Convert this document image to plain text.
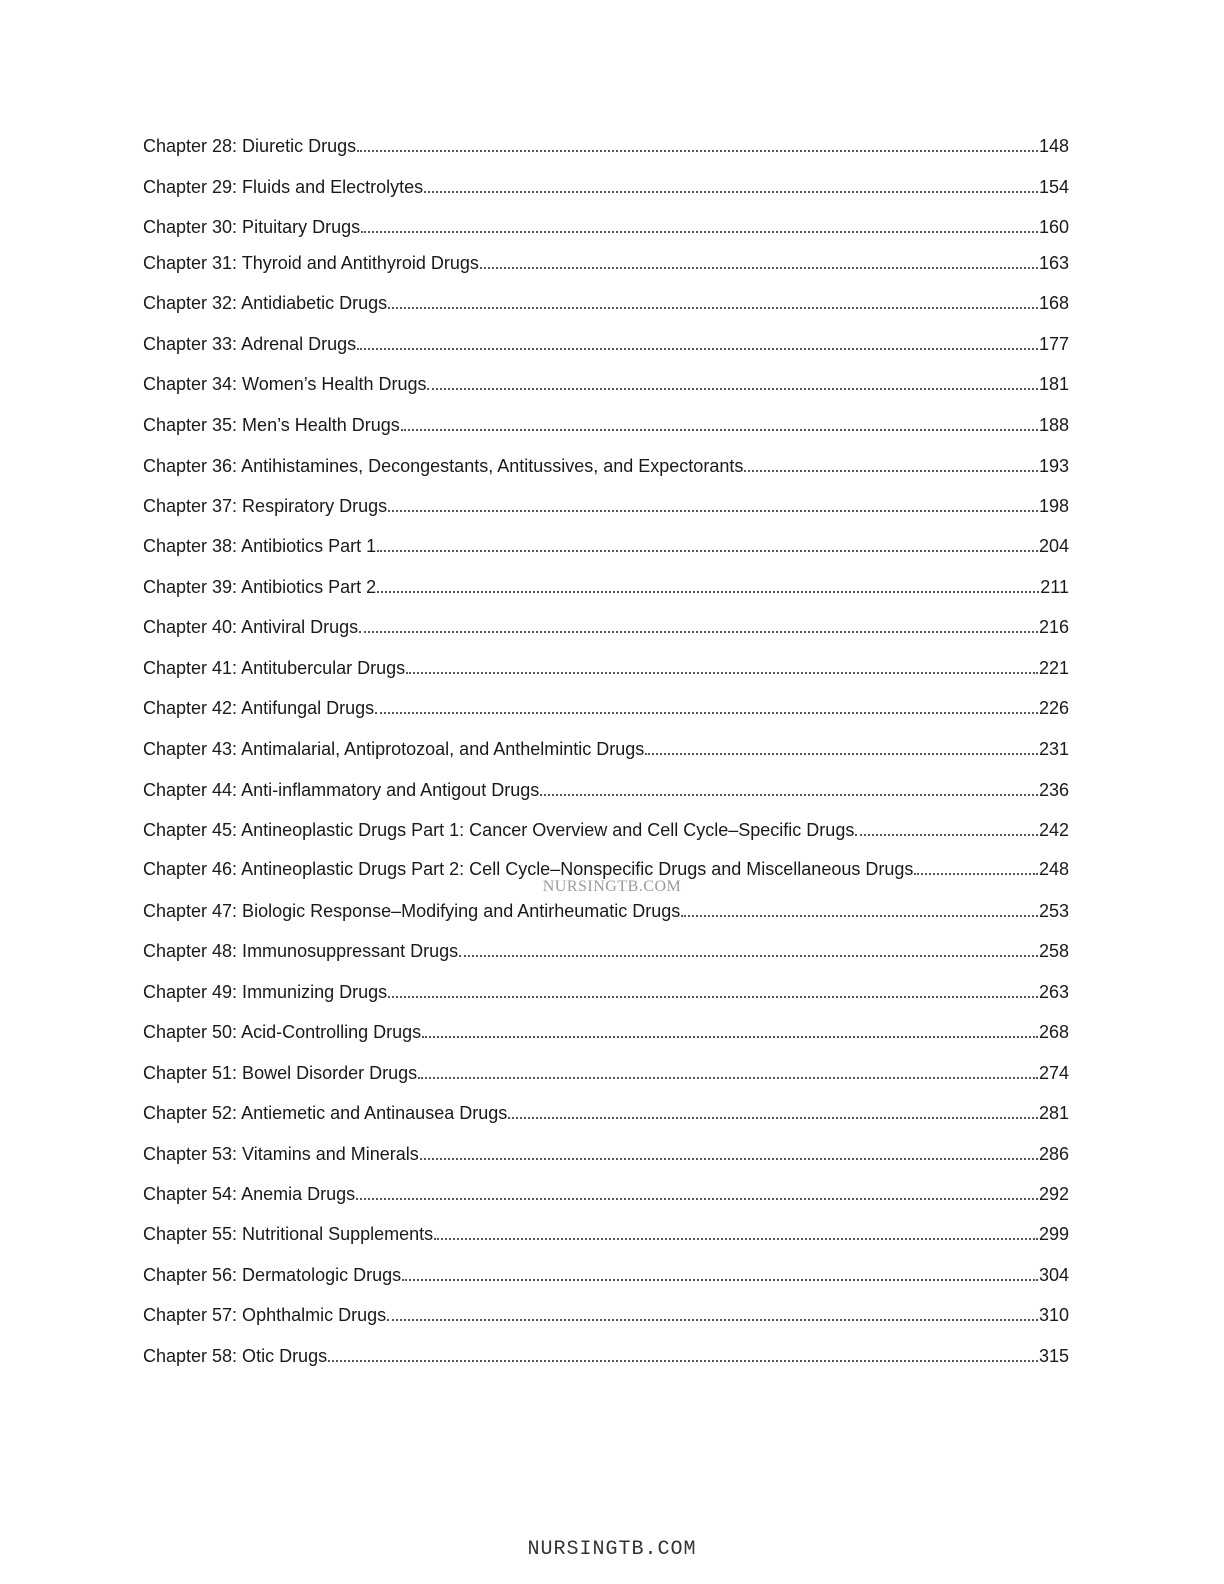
Chapter 28: Diuretic Drugs	148
Chapter 29: Fluids and Electrolytes	154
Chapter 30: Pituitary Drugs	160
Chapter 31: Thyroid and Antithyroid Drugs	163
Chapter 32: Antidiabetic Drugs	168
Chapter 33: Adrenal Drugs	177
Chapter 34: Women’s Health Drugs	181
Chapter 35: Men’s Health Drugs	188
Chapter 36: Antihistamines, Decongestants, Antitussives, and Expectorants	193
Chapter 37: Respiratory Drugs	198
Chapter 38: Antibiotics Part 1	204
Chapter 39: Antibiotics Part 2	211
Chapter 40: Antiviral Drugs	216
Chapter 41: Antitubercular Drugs	221
Chapter 42: Antifungal Drugs	226
Chapter 43: Antimalarial, Antiprotozoal, and Anthelmintic Drugs	231
Chapter 44: Anti-inflammatory and Antigout Drugs	236
Chapter 45: Antineoplastic Drugs Part 1: Cancer Overview and Cell Cycle–Specific Drugs	242
Chapter 46: Antineoplastic Drugs Part 2: Cell Cycle–Nonspecific Drugs and Miscellaneous Drugs	248
Chapter 47: Biologic Response–Modifying and Antirheumatic Drugs	253
Chapter 48: Immunosuppressant Drugs	258
Chapter 49: Immunizing Drugs	263
Chapter 50: Acid-Controlling Drugs	268
Chapter 51: Bowel Disorder Drugs	274
Chapter 52: Antiemetic and Antinausea Drugs	281
Chapter 53: Vitamins and Minerals	286
Chapter 54: Anemia Drugs	292
Chapter 55: Nutritional Supplements	299
Chapter 56: Dermatologic Drugs	304
Chapter 57: Ophthalmic Drugs	310
Chapter 58: Otic Drugs	315
NURSINGTB.COM
NURSINGTB.COM
